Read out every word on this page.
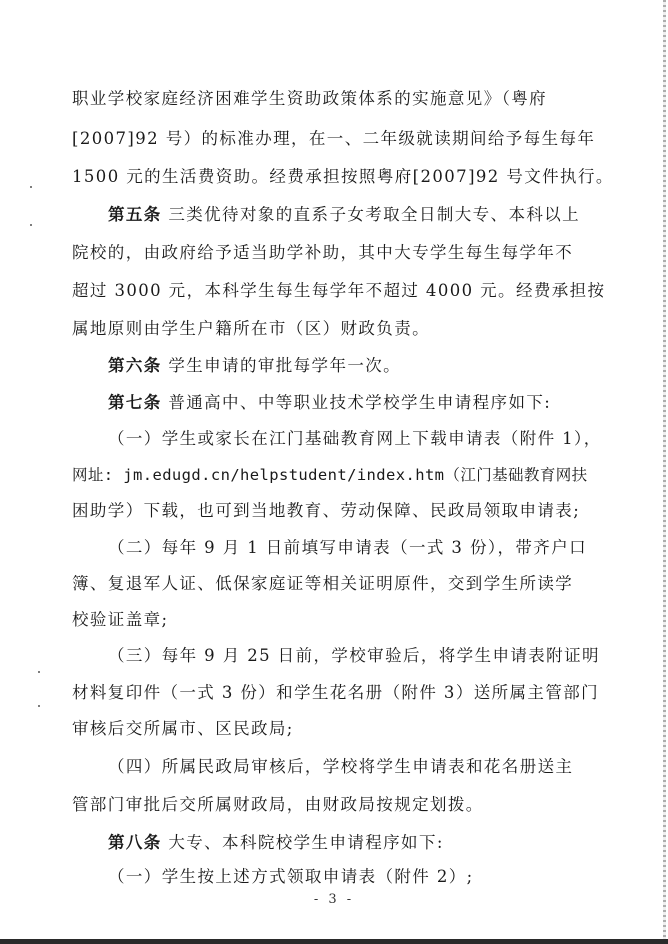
职业学校家庭经济困难学生资助政策体系的实施意见》（粤府
[2007]92 号）的标准办理，在一、二年级就读期间给予每生每年
1500 元的生活费资助。经费承担按照粤府[2007]92 号文件执行。
第五条 三类优待对象的直系子女考取全日制大专、本科以上
院校的，由政府给予适当助学补助，其中大专学生每生每学年不
超过 3000 元，本科学生每生每学年不超过 4000 元。经费承担按
属地原则由学生户籍所在市（区）财政负责。
第六条 学生申请的审批每学年一次。
第七条 普通高中、中等职业技术学校学生申请程序如下:
（一）学生或家长在江门基础教育网上下载申请表（附件 1），
网址: jm.edugd.cn/helpstudent/index.htm（江门基础教育网扶
困助学）下载，也可到当地教育、劳动保障、民政局领取申请表;
（二）每年 9 月 1 日前填写申请表（一式 3 份），带齐户口
簿、复退军人证、低保家庭证等相关证明原件，交到学生所读学
校验证盖章;
（三）每年 9 月 25 日前，学校审验后，将学生申请表附证明
材料复印件（一式 3 份）和学生花名册（附件 3）送所属主管部门
审核后交所属市、区民政局;
（四）所属民政局审核后，学校将学生申请表和花名册送主
管部门审批后交所属财政局，由财政局按规定划拨。
第八条 大专、本科院校学生申请程序如下:
（一）学生按上述方式领取申请表（附件 2）;
- 3 -
